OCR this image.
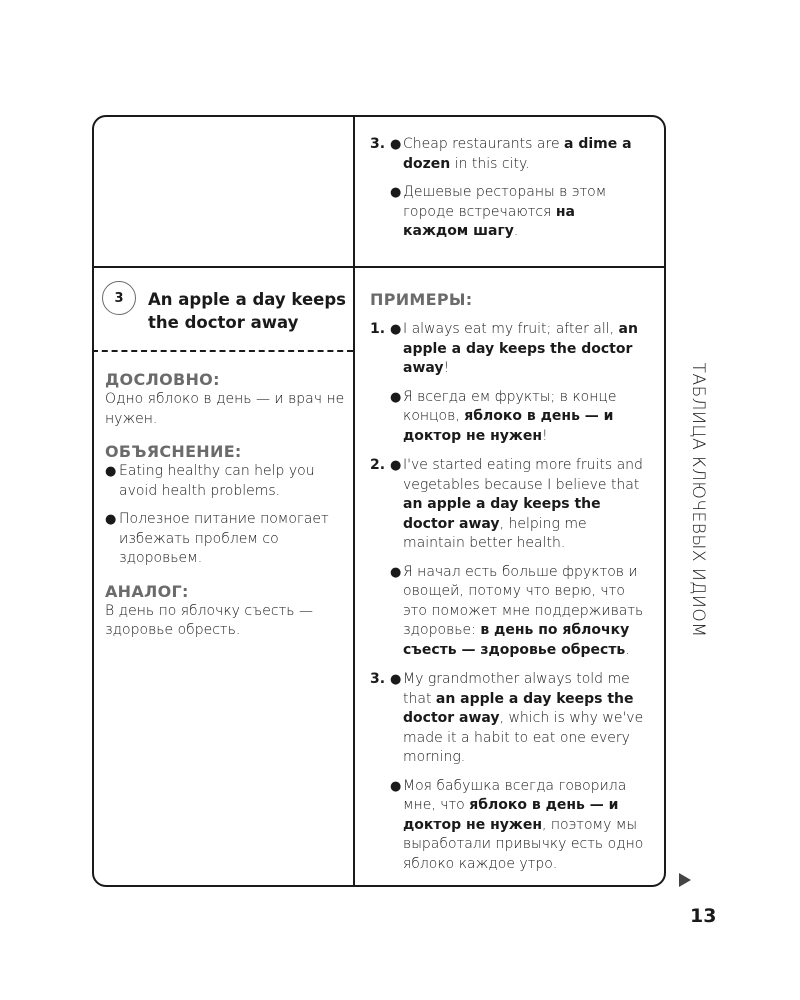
3. ● Cheap restaurants are a dime a dozen in this city.
● Дешевые рестораны в этом городе встречаются на каждом шагу.
3	An apple a day keeps the doctor away
ДОСЛОВНО:
Одно яблоко в день — и врач не нужен.
ОБЪЯСНЕНИЕ:
● Eating healthy can help you avoid health problems.
● Полезное питание помогает избежать проблем со здоровьем.
АНАЛОГ:
В день по яблочку съесть — здоровье обресть.
ПРИМЕРЫ:
1. ● I always eat my fruit; after all, an apple a day keeps the doctor away!
● Я всегда ем фрукты; в конце концов, яблоко в день — и доктор не нужен!
2. ● I've started eating more fruits and vegetables because I believe that an apple a day keeps the doctor away, helping me maintain better health.
● Я начал есть больше фруктов и овощей, потому что верю, что это поможет мне поддерживать здоровье: в день по яблочку съесть — здоровье обресть.
3. ● My grandmother always told me that an apple a day keeps the doctor away, which is why we've made it a habit to eat one every morning.
● Моя бабушка всегда говорила мне, что яблоко в день — и доктор не нужен, поэтому мы выработали привычку есть одно яблоко каждое утро.
ТАБЛИЦА КЛЮЧЕВЫХ ИДИОМ
13
